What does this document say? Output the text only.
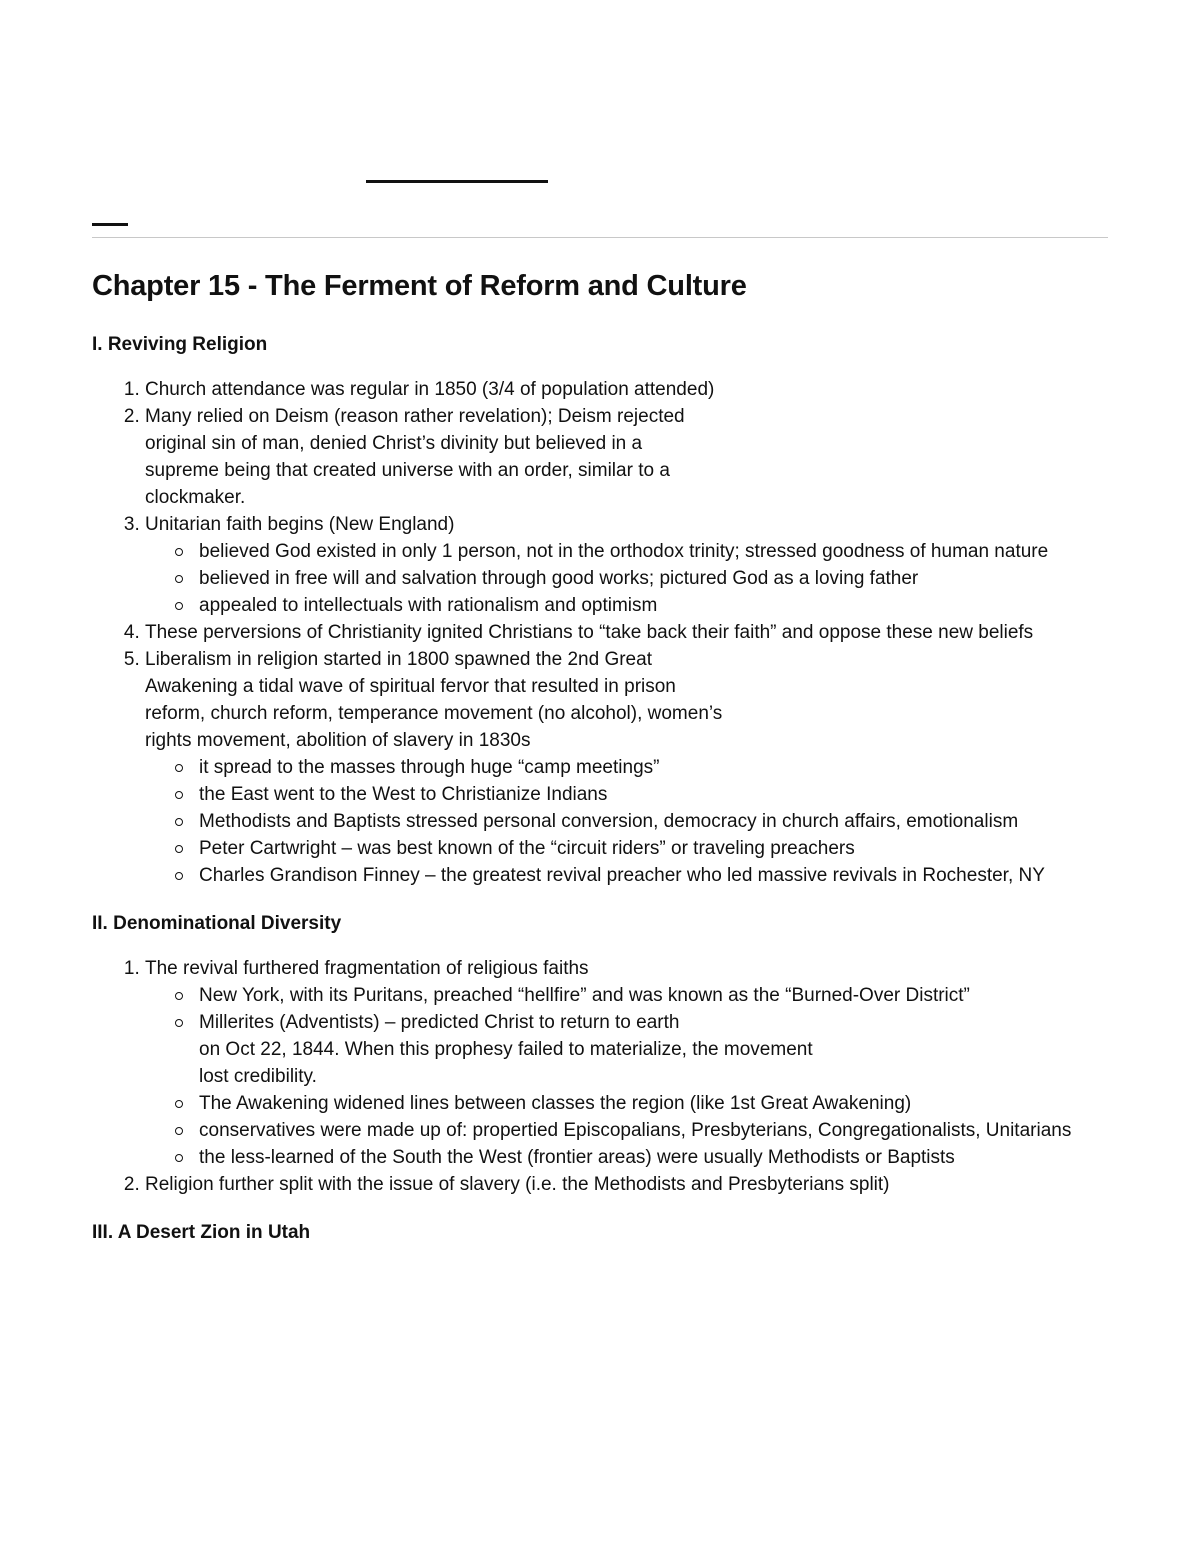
Chapter 15 - The Ferment of Reform and Culture
I. Reviving Religion
1. Church attendance was regular in 1850 (3/4 of population attended)
2. Many relied on Deism (reason rather revelation); Deism rejected
original sin of man, denied Christ’s divinity but believed in a
supreme being that created universe with an order, similar to a
clockmaker.
3. Unitarian faith begins (New England)
believed God existed in only 1 person, not in the orthodox trinity; stressed goodness of human nature
believed in free will and salvation through good works; pictured God as a loving father
appealed to intellectuals with rationalism and optimism
4. These perversions of Christianity ignited Christians to “take back their faith” and oppose these new beliefs
5. Liberalism in religion started in 1800 spawned the 2nd Great
Awakening a tidal wave of spiritual fervor that resulted in prison
reform, church reform, temperance movement (no alcohol), women’s
rights movement, abolition of slavery in 1830s
it spread to the masses through huge “camp meetings”
the East went to the West to Christianize Indians
Methodists and Baptists stressed personal conversion, democracy in church affairs, emotionalism
Peter Cartwright – was best known of the “circuit riders” or traveling preachers
Charles Grandison Finney – the greatest revival preacher who led massive revivals in Rochester, NY
II. Denominational Diversity
1. The revival furthered fragmentation of religious faiths
New York, with its Puritans, preached “hellfire” and was known as the “Burned-Over District”
Millerites (Adventists) – predicted Christ to return to earth
on Oct 22, 1844. When this prophesy failed to materialize, the movement
lost credibility.
The Awakening widened lines between classes the region (like 1st Great Awakening)
conservatives were made up of: propertied Episcopalians, Presbyterians, Congregationalists, Unitarians
the less-learned of the South the West (frontier areas) were usually Methodists or Baptists
2. Religion further split with the issue of slavery (i.e. the Methodists and Presbyterians split)
III. A Desert Zion in Utah
